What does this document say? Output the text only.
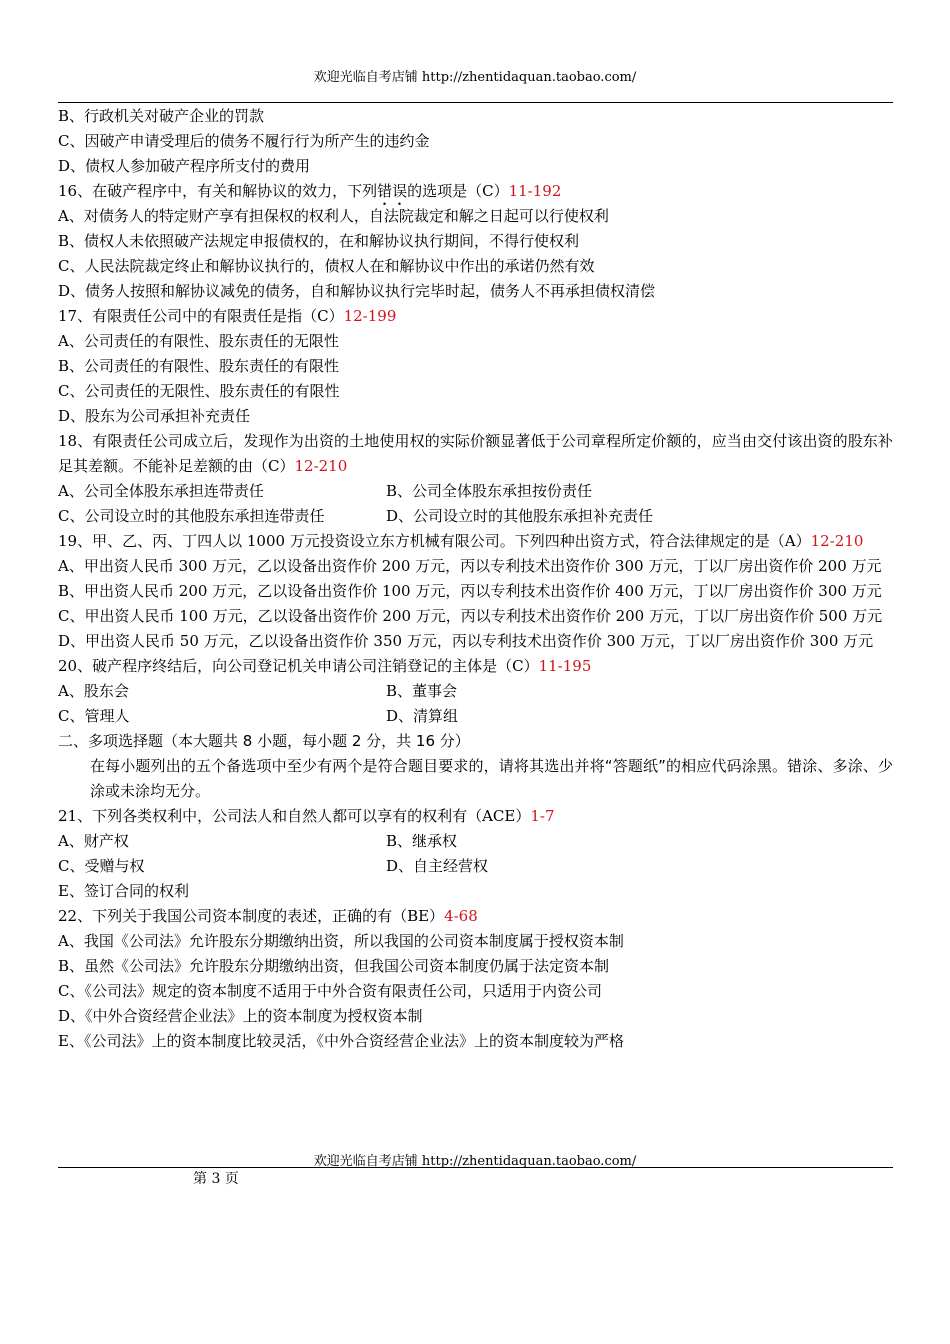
欢迎光临自考店铺 http://zhentidaquan.taobao.com/
B、行政机关对破产企业的罚款
C、因破产申请受理后的债务不履行行为所产生的违约金
D、债权人参加破产程序所支付的费用
16、在破产程序中，有关和解协议的效力，下列错误的选项是（C）11-192
A、对债务人的特定财产享有担保权的权利人，自法院裁定和解之日起可以行使权利
B、债权人未依照破产法规定申报债权的，在和解协议执行期间，不得行使权利
C、人民法院裁定终止和解协议执行的，债权人在和解协议中作出的承诺仍然有效
D、债务人按照和解协议减免的债务，自和解协议执行完毕时起，债务人不再承担债权清偿
17、有限责任公司中的有限责任是指（C）12-199
A、公司责任的有限性、股东责任的无限性
B、公司责任的有限性、股东责任的有限性
C、公司责任的无限性、股东责任的有限性
D、股东为公司承担补充责任
18、有限责任公司成立后，发现作为出资的土地使用权的实际价额显著低于公司章程所定价额的，应当由交付该出资的股东补足其差额。不能补足差额的由（C）12-210
A、公司全体股东承担连带责任	B、公司全体股东承担按份责任
C、公司设立时的其他股东承担连带责任	D、公司设立时的其他股东承担补充责任
19、甲、乙、丙、丁四人以 1000 万元投资设立东方机械有限公司。下列四种出资方式，符合法律规定的是（A）12-210
A、甲出资人民币 300 万元，乙以设备出资作价 200 万元，丙以专利技术出资作价 300 万元，丁以厂房出资作价 200 万元
B、甲出资人民币 200 万元，乙以设备出资作价 100 万元，丙以专利技术出资作价 400 万元，丁以厂房出资作价 300 万元
C、甲出资人民币 100 万元，乙以设备出资作价 200 万元，丙以专利技术出资作价 200 万元，丁以厂房出资作价 500 万元
D、甲出资人民币 50 万元，乙以设备出资作价 350 万元，丙以专利技术出资作价 300 万元，丁以厂房出资作价 300 万元
20、破产程序终结后，向公司登记机关申请公司注销登记的主体是（C）11-195
A、股东会	B、董事会
C、管理人	D、清算组
二、多项选择题（本大题共 8 小题，每小题 2 分，共 16 分）
在每小题列出的五个备选项中至少有两个是符合题目要求的，请将其选出并将“答题纸”的相应代码涂黑。错涂、多涂、少涂或未涂均无分。
21、下列各类权利中，公司法人和自然人都可以享有的权利有（ACE）1-7
A、财产权	B、继承权
C、受赠与权	D、自主经营权
E、签订合同的权利
22、下列关于我国公司资本制度的表述，正确的有（BE）4-68
A、我国《公司法》允许股东分期缴纳出资，所以我国的公司资本制度属于授权资本制
B、虽然《公司法》允许股东分期缴纳出资，但我国公司资本制度仍属于法定资本制
C、《公司法》规定的资本制度不适用于中外合资有限责任公司，只适用于内资公司
D、《中外合资经营企业法》上的资本制度为授权资本制
E、《公司法》上的资本制度比较灵活，《中外合资经营企业法》上的资本制度较为严格
欢迎光临自考店铺 http://zhentidaquan.taobao.com/
第 3 页
